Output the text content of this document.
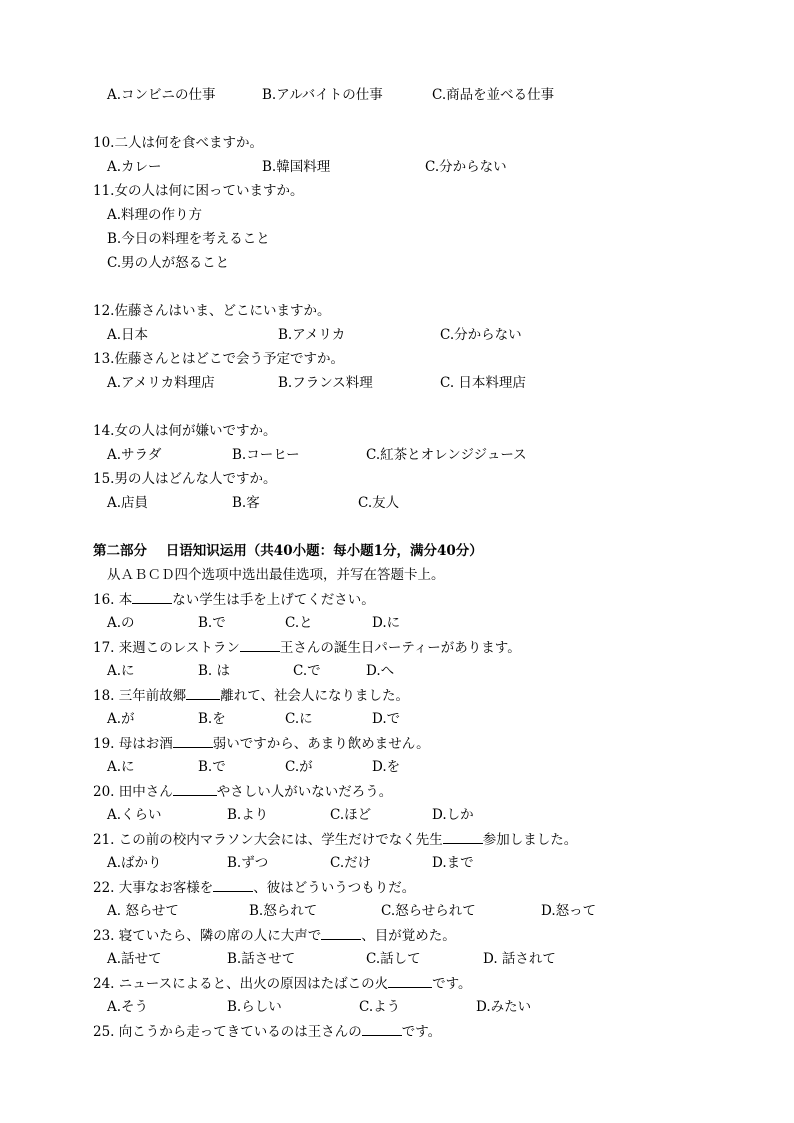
A.コンビニの仕事	B.アルバイトの仕事	C.商品を並べる仕事
10.二人は何を食べますか。
A.カレー	B.韓国料理	C.分からない
11.女の人は何に困っていますか。
A.料理の作り方
B.今日の料理を考えること
C.男の人が怒ること
12.佐藤さんはいま、どこにいますか。
A.日本	B.アメリカ	C.分からない
13.佐藤さんとはどこで会う予定ですか。
A.アメリカ料理店	B.フランス料理	C. 日本料理店
14.女の人は何が嫌いですか。
A.サラダ	B.コーヒー	C.紅茶とオレンジジュース
15.男の人はどんな人ですか。
A.店員	B.客	C.友人
第二部分    日语知识运用（共40小题：每小题1分，满分40分）
从ＡＢＣＤ四个选项中选出最佳选项，并写在答题卡上。
16. 本	ない学生は手を上げてください。
A.の	B.で	C.と	D.に
17. 来週このレストラン	王さんの誕生日パーティーがあります。
A.に	B. は	C.で	D.へ
18. 三年前故郷	離れて、社会人になりました。
A.が	B.を	C.に	D.で
19. 母はお酒	弱いですから、あまり飲めません。
A.に	B.で	C.が	D.を
20. 田中さん	やさしい人がいないだろう。
A.くらい	B.より	C.ほど	D.しか
21. この前の校内マラソン大会には、学生だけでなく先生	参加しました。
A.ばかり	B.ずつ	C.だけ	D.まで
22. 大事なお客様を	、彼はどういうつもりだ。
A. 怒らせて	B.怒られて	C.怒らせられて	D.怒って
23. 寝ていたら、隣の席の人に大声で	、目が覚めた。
A.話せて	B.話させて	C.話して	D. 話されて
24. ニュースによると、出火の原因はたばこの火	です。
A.そう	B.らしい	C.よう	D.みたい
25. 向こうから走ってきているのは王さんの	です。
